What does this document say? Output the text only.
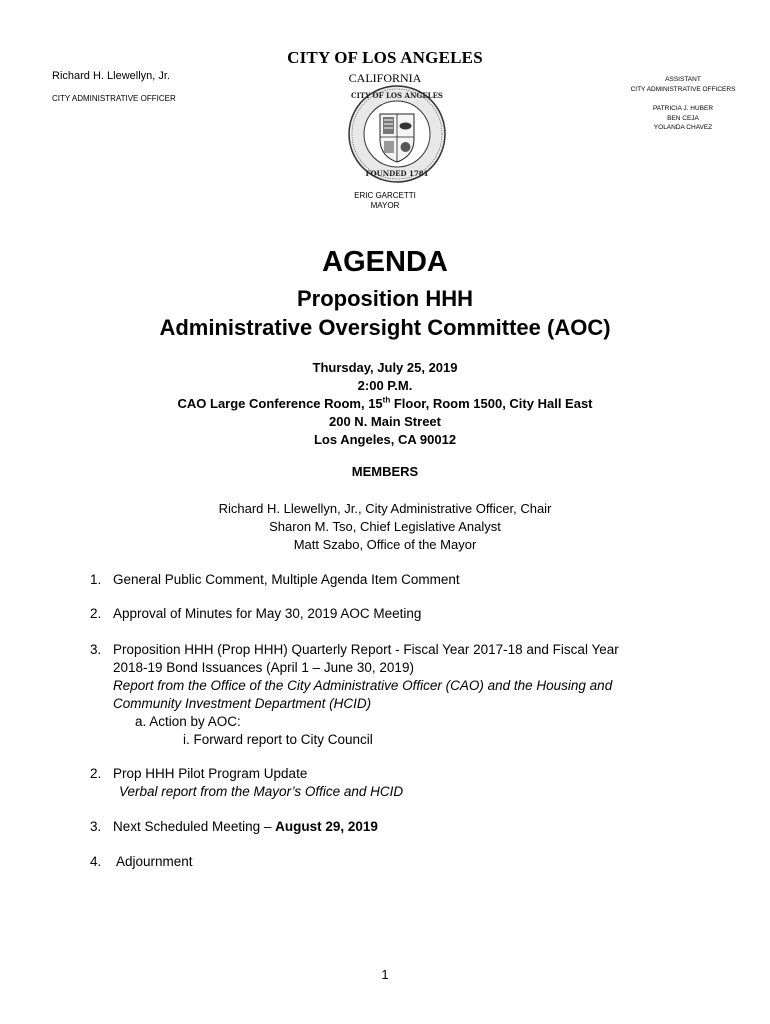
CITY OF LOS ANGELES
CALIFORNIA
Richard H. Llewellyn, Jr.
CITY ADMINISTRATIVE OFFICER
ASSISTANT
CITY ADMINISTRATIVE OFFICERS
PATRICIA J. HUBER
BEN CEJA
YOLANDA CHAVEZ
CITY OF LOS ANGELES
FOUNDED 1781
ERIC GARCETTI
MAYOR
AGENDA
Proposition HHH
Administrative Oversight Committee (AOC)
Thursday, July 25, 2019
2:00 P.M.
CAO Large Conference Room, 15th Floor, Room 1500, City Hall East
200 N. Main Street
Los Angeles, CA 90012
MEMBERS
Richard H. Llewellyn, Jr., City Administrative Officer, Chair
Sharon M. Tso, Chief Legislative Analyst
Matt Szabo, Office of the Mayor
1. General Public Comment, Multiple Agenda Item Comment
2. Approval of Minutes for May 30, 2019 AOC Meeting
3. Proposition HHH (Prop HHH) Quarterly Report - Fiscal Year 2017-18 and Fiscal Year
2018-19 Bond Issuances (April 1 – June 30, 2019)
Report from the Office of the City Administrative Officer (CAO) and the Housing and
Community Investment Department (HCID)
a. Action by AOC:
i. Forward report to City Council
2. Prop HHH Pilot Program Update
Verbal report from the Mayor’s Office and HCID
3. Next Scheduled Meeting – August 29, 2019
4. Adjournment
1
